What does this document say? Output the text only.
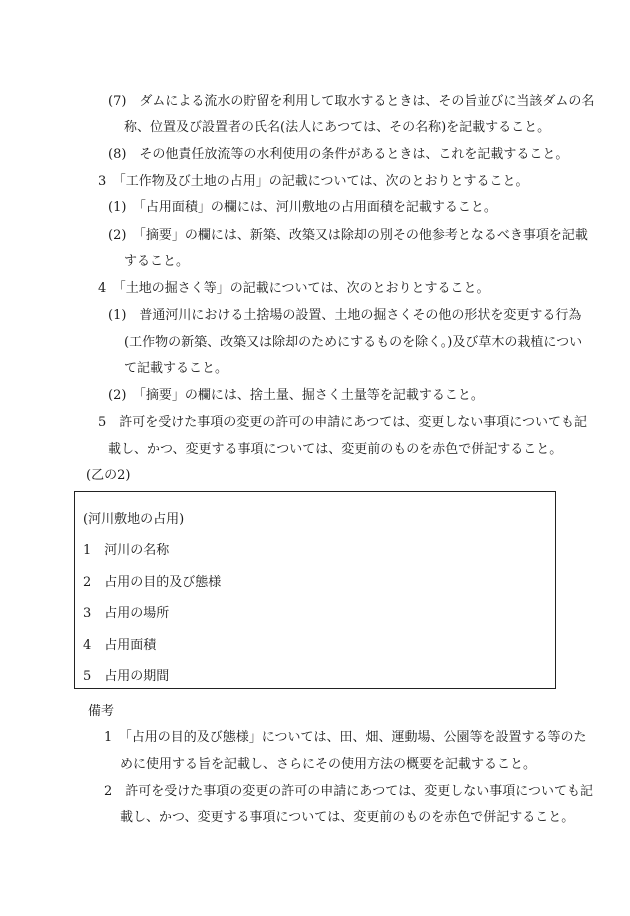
(7)　ダムによる流水の貯留を利用して取水するときは、その旨並びに当該ダムの名
称、位置及び設置者の氏名(法人にあつては、その名称)を記載すること。
(8)　その他責任放流等の水利使用の条件があるときは、これを記載すること。
3　「工作物及び土地の占用」の記載については、次のとおりとすること。
(1)　「占用面積」の欄には、河川敷地の占用面積を記載すること。
(2)　「摘要」の欄には、新築、改築又は除却の別その他参考となるべき事項を記載
すること。
4　「土地の掘さく等」の記載については、次のとおりとすること。
(1)　普通河川における土捨場の設置、土地の掘さくその他の形状を変更する行為
(工作物の新築、改築又は除却のためにするものを除く。)及び草木の栽植につい
て記載すること。
(2)　「摘要」の欄には、捨土量、掘さく土量等を記載すること。
5　許可を受けた事項の変更の許可の申請にあつては、変更しない事項についても記
載し、かつ、変更する事項については、変更前のものを赤色で併記すること。
(乙の2)
(河川敷地の占用)
1　河川の名称
2　占用の目的及び態様
3　占用の場所
4　占用面積
5　占用の期間
備考
1　「占用の目的及び態様」については、田、畑、運動場、公園等を設置する等のた
めに使用する旨を記載し、さらにその使用方法の概要を記載すること。
2　許可を受けた事項の変更の許可の申請にあつては、変更しない事項についても記
載し、かつ、変更する事項については、変更前のものを赤色で併記すること。
